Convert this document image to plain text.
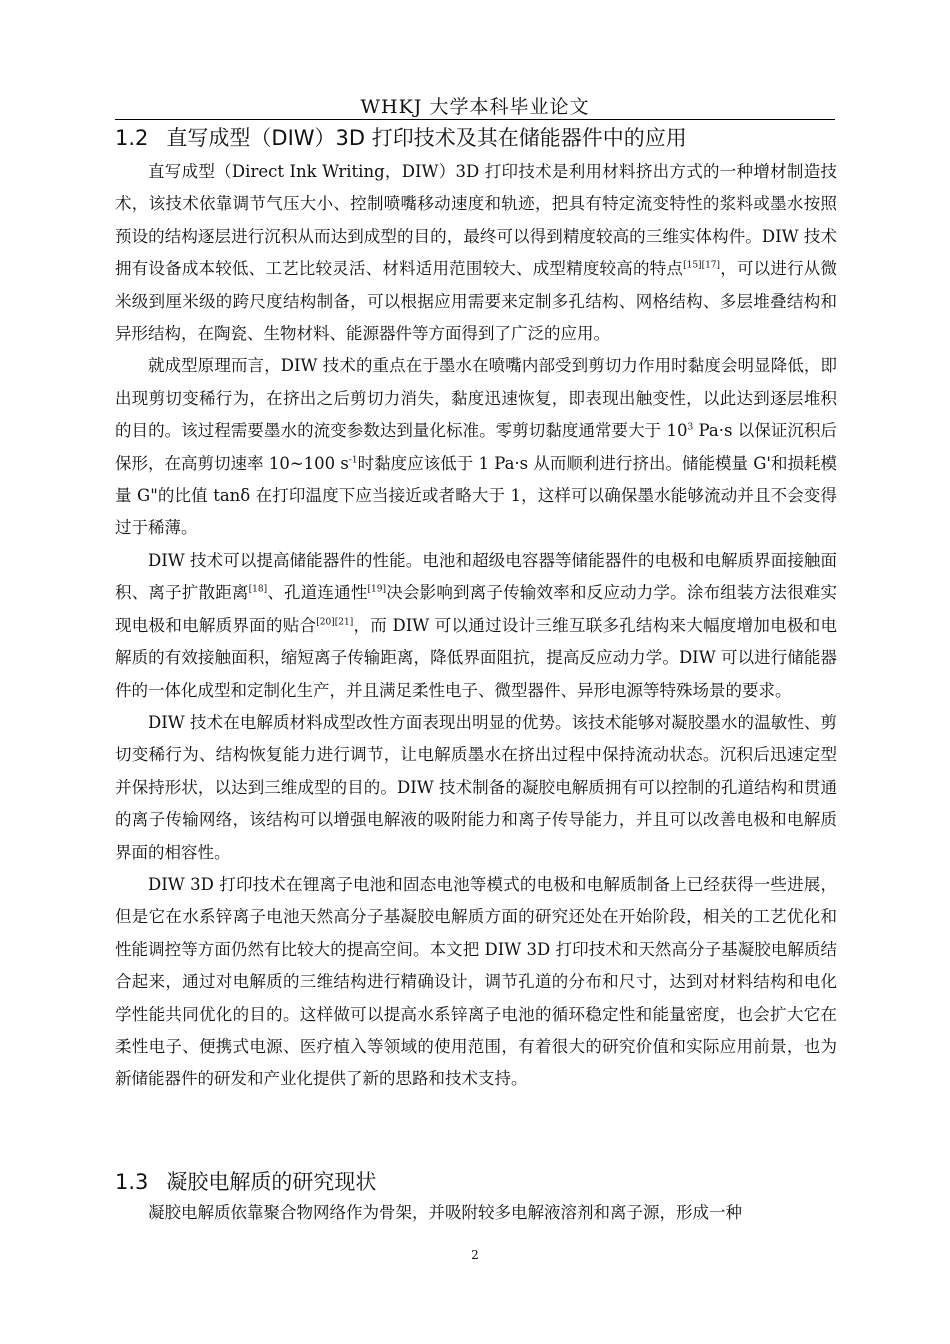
WHKJ 大学本科毕业论文
1.2 直写成型（DIW）3D 打印技术及其在储能器件中的应用

直写成型（Direct Ink Writing，DIW）3D 打印技术是利用材料挤出方式的一种增材制造技术，该技术依靠调节气压大小、控制喷嘴移动速度和轨迹，把具有特定流变特性的浆料或墨水按照预设的结构逐层进行沉积从而达到成型的目的，最终可以得到精度较高的三维实体构件。DIW 技术拥有设备成本较低、工艺比较灵活、材料适用范围较大、成型精度较高的特点[15][17]，可以进行从微米级到厘米级的跨尺度结构制备，可以根据应用需要来定制多孔结构、网格结构、多层堆叠结构和异形结构，在陶瓷、生物材料、能源器件等方面得到了广泛的应用。

就成型原理而言，DIW 技术的重点在于墨水在喷嘴内部受到剪切力作用时黏度会明显降低，即出现剪切变稀行为，在挤出之后剪切力消失，黏度迅速恢复，即表现出触变性，以此达到逐层堆积的目的。该过程需要墨水的流变参数达到量化标准。零剪切黏度通常要大于 $10^3$ Pa·s 以保证沉积后保形，在高剪切速率 10~100 $s^{-1}$时黏度应该低于 1 Pa·s 从而顺利进行挤出。储能模量 G'和损耗模量 G"的比值 tanδ 在打印温度下应当接近或者略大于 1，这样可以确保墨水能够流动并且不会变得过于稀薄。

DIW 技术可以提高储能器件的性能。电池和超级电容器等储能器件的电极和电解质界面接触面积、离子扩散距离[18]、孔道连通性[19]决会影响到离子传输效率和反应动力学。涂布组装方法很难实现电极和电解质界面的贴合[20][21]，而 DIW 可以通过设计三维互联多孔结构来大幅度增加电极和电解质的有效接触面积，缩短离子传输距离，降低界面阻抗，提高反应动力学。DIW 可以进行储能器件的一体化成型和定制化生产，并且满足柔性电子、微型器件、异形电源等特殊场景的要求。

DIW 技术在电解质材料成型改性方面表现出明显的优势。该技术能够对凝胶墨水的温敏性、剪切变稀行为、结构恢复能力进行调节，让电解质墨水在挤出过程中保持流动状态。沉积后迅速定型并保持形状，以达到三维成型的目的。DIW 技术制备的凝胶电解质拥有可以控制的孔道结构和贯通的离子传输网络，该结构可以增强电解液的吸附能力和离子传导能力，并且可以改善电极和电解质界面的相容性。

DIW 3D 打印技术在锂离子电池和固态电池等模式的电极和电解质制备上已经获得一些进展，但是它在水系锌离子电池天然高分子基凝胶电解质方面的研究还处在开始阶段，相关的工艺优化和性能调控等方面仍然有比较大的提高空间。本文把 DIW 3D 打印技术和天然高分子基凝胶电解质结合起来，通过对电解质的三维结构进行精确设计，调节孔道的分布和尺寸，达到对材料结构和电化学性能共同优化的目的。这样做可以提高水系锌离子电池的循环稳定性和能量密度，也会扩大它在柔性电子、便携式电源、医疗植入等领域的使用范围，有着很大的研究价值和实际应用前景，也为新储能器件的研发和产业化提供了新的思路和技术支持。

1.3 凝胶电解质的研究现状

凝胶电解质依靠聚合物网络作为骨架，并吸附较多电解液溶剂和离子源，形成一种

2
